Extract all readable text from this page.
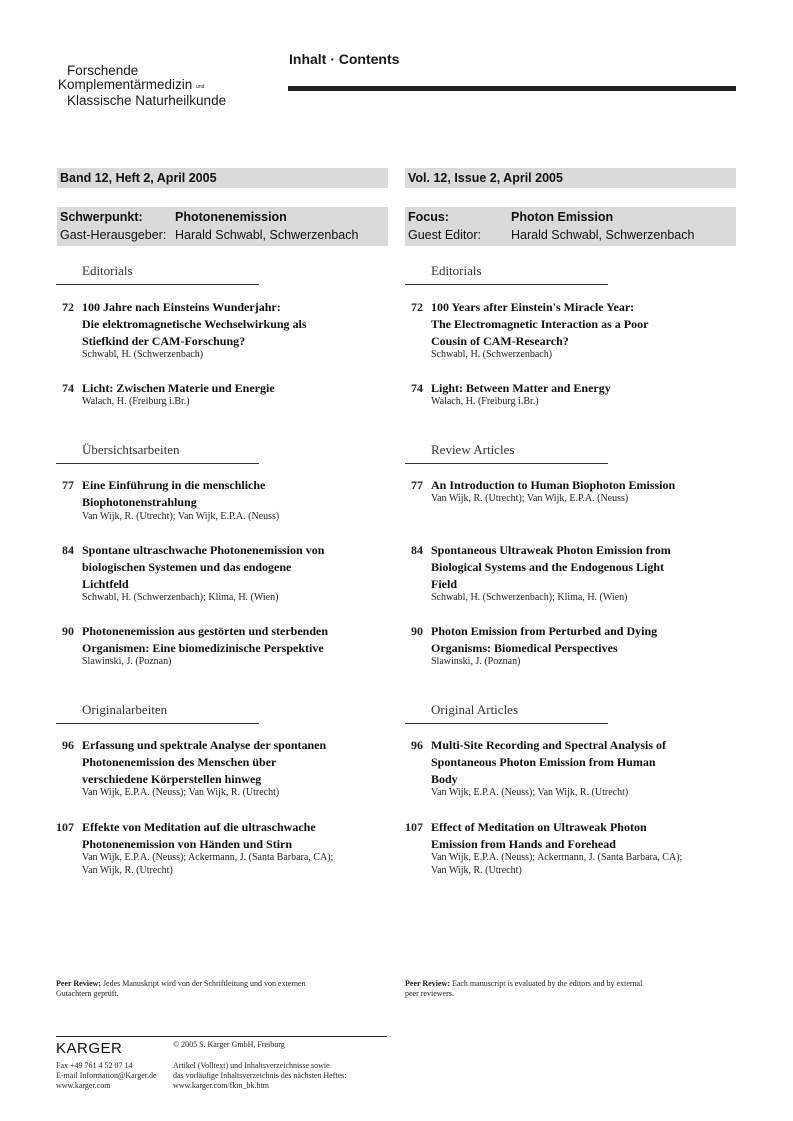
Forschende
Komplementärmedizin und
Klassische Naturheilkunde
Inhalt · Contents
Band 12, Heft 2, April 2005
Schwerpunkt:	Photonenemission
Gast-Herausgeber: Harald Schwabl, Schwerzenbach
Vol. 12, Issue 2, April 2005
Focus:	Photon Emission
Guest Editor: Harald Schwabl, Schwerzenbach
Editorials
72 100 Jahre nach Einsteins Wunderjahr:
Die elektromagnetische Wechselwirkung als
Stiefkind der CAM-Forschung?
Schwabl, H. (Schwerzenbach)
74 Licht: Zwischen Materie und Energie
Walach, H. (Freiburg i.Br.)
Übersichtsarbeiten
77 Eine Einführung in die menschliche
Biophotonenstrahlung
Van Wijk, R. (Utrecht); Van Wijk, E.P.A. (Neuss)
84 Spontane ultraschwache Photonenemission von
biologischen Systemen und das endogene
Lichtfeld
Schwabl, H. (Schwerzenbach); Klima, H. (Wien)
90 Photonenemission aus gestörten und sterbenden
Organismen: Eine biomedizinische Perspektive
Slawinski, J. (Poznan)
Originalarbeiten
96 Erfassung und spektrale Analyse der spontanen
Photonenemission des Menschen über
verschiedene Körperstellen hinweg
Van Wijk, E.P.A. (Neuss); Van Wijk, R. (Utrecht)
107 Effekte von Meditation auf die ultraschwache
Photonenemission von Händen und Stirn
Van Wijk, E.P.A. (Neuss); Ackermann, J. (Santa Barbara, CA);
Van Wijk, R. (Utrecht)
Peer Review: Jedes Manuskript wird von der Schriftleitung und von externen
Gutachtern geprüft.
Editorials
72 100 Years after Einstein's Miracle Year:
The Electromagnetic Interaction as a Poor
Cousin of CAM-Research?
Schwabl, H. (Schwerzenbach)
74 Light: Between Matter and Energy
Walach, H. (Freiburg i.Br.)
Review Articles
77 An Introduction to Human Biophoton Emission
Van Wijk, R. (Utrecht); Van Wijk, E.P.A. (Neuss)
84 Spontaneous Ultraweak Photon Emission from
Biological Systems and the Endogenous Light
Field
Schwabl, H. (Schwerzenbach); Klima, H. (Wien)
90 Photon Emission from Perturbed and Dying
Organisms: Biomedical Perspectives
Slawinski, J. (Poznan)
Original Articles
96 Multi-Site Recording and Spectral Analysis of
Spontaneous Photon Emission from Human
Body
Van Wijk, E.P.A. (Neuss); Van Wijk, R. (Utrecht)
107 Effect of Meditation on Ultraweak Photon
Emission from Hands and Forehead
Van Wijk, E.P.A. (Neuss); Ackermann, J. (Santa Barbara, CA);
Van Wijk, R. (Utrecht)
Peer Review: Each manuscript is evaluated by the editors and by external
peer reviewers.
KARGER
Fax +49 761 4 52 07 14
E-mail Information@Karger.de
www.karger.com
© 2005 S. Karger GmbH, Freiburg
Artikel (Volltext) und Inhaltsverzeichnisse sowie
das vorläufige Inhaltsverzeichnis des nächsten Heftes:
www.karger.com/fkm_bk.htm
